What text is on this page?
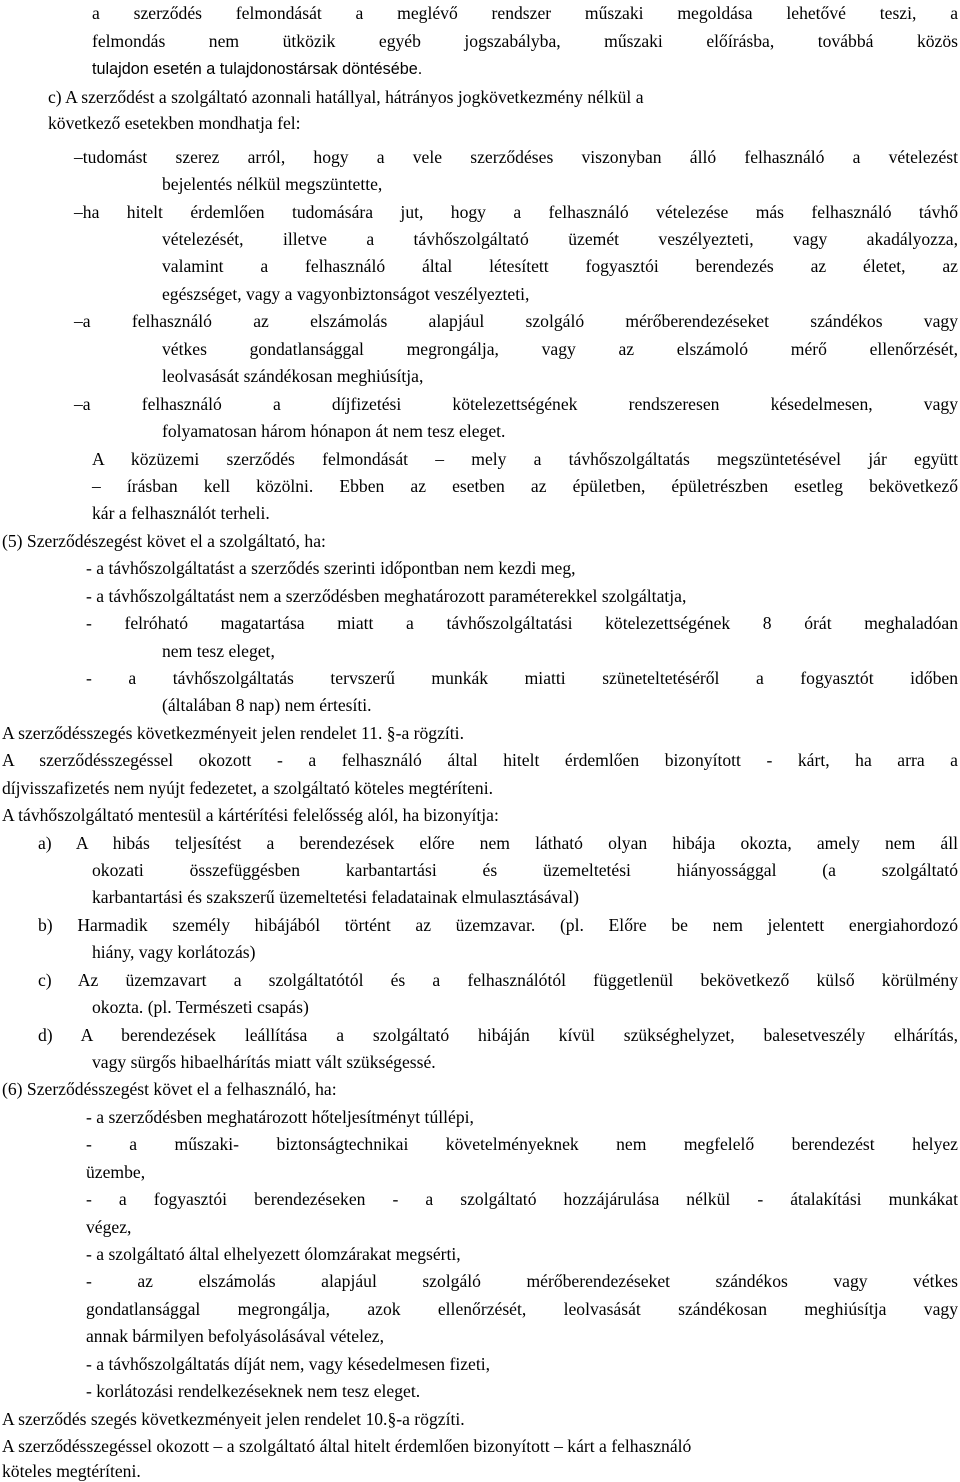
a szerződés felmondását a meglévő rendszer műszaki megoldása lehetővé teszi, a
felmondás nem ütközik egyéb jogszabályba, műszaki előírásba, továbbá közös
tulajdon esetén a tulajdonostársak döntésébe.
c) A szerződést a szolgáltató azonnali hatállyal, hátrányos jogkövetkezmény nélkül a
következő esetekben mondhatja fel:
–tudomást szerez arról, hogy a vele szerződéses viszonyban álló felhasználó a vételezést
bejelentés nélkül megszüntette,
–ha hitelt érdemlően tudomására jut, hogy a felhasználó vételezése más felhasználó távhő
vételezését, illetve a távhőszolgáltató üzemét veszélyezteti, vagy akadályozza,
valamint a felhasználó által létesített fogyasztói berendezés az életet, az
egészséget, vagy a vagyonbiztonságot veszélyezteti,
–a felhasználó az elszámolás alapjául szolgáló mérőberendezéseket szándékos vagy
vétkes gondatlansággal megrongálja, vagy az elszámoló mérő ellenőrzését,
leolvasását szándékosan meghiúsítja,
–a felhasználó a díjfizetési kötelezettségének rendszeresen késedelmesen, vagy
folyamatosan három hónapon át nem tesz eleget.
A közüzemi szerződés felmondását – mely a távhőszolgáltatás megszüntetésével jár együtt
– írásban kell közölni. Ebben az esetben az épületben, épületrészben esetleg bekövetkező
kár a felhasználót terheli.
(5) Szerződészegést követ el a szolgáltató, ha:
- a távhőszolgáltatást a szerződés szerinti időpontban nem kezdi meg,
- a távhőszolgáltatást nem a szerződésben meghatározott paraméterekkel szolgáltatja,
- felróható magatartása miatt a távhőszolgáltatási kötelezettségének 8 órát meghaladóan
nem tesz eleget,
- a távhőszolgáltatás tervszerű munkák miatti szüneteltetéséről a fogyasztót időben
(általában 8 nap) nem értesíti.
A szerződésszegés következményeit jelen rendelet 11. §-a rögzíti.
A szerződésszegéssel okozott - a felhasználó által hitelt érdemlően bizonyított - kárt, ha arra a
díjvisszafizetés nem nyújt fedezetet, a szolgáltató köteles megtéríteni.
A távhőszolgáltató mentesül a kártérítési felelősség alól, ha bizonyítja:
a) A hibás teljesítést a berendezések előre nem látható olyan hibája okozta, amely nem áll
okozati összefüggésben karbantartási és üzemeltetési hiányossággal (a szolgáltató
karbantartási és szakszerű üzemeltetési feladatainak elmulasztásával)
b) Harmadik személy hibájából történt az üzemzavar. (pl. Előre be nem jelentett energiahordozó
hiány, vagy korlátozás)
c) Az üzemzavart a szolgáltatótól és a felhasználótól függetlenül bekövetkező külső körülmény
okozta. (pl. Természeti csapás)
d) A berendezések leállítása a szolgáltató hibáján kívül szükséghelyzet, balesetveszély elhárítás,
vagy sürgős hibaelhárítás miatt vált szükségessé.
(6) Szerződésszegést követ el a felhasználó, ha:
- a szerződésben meghatározott hőteljesítményt túllépi,
- a műszaki- biztonságtechnikai követelményeknek nem megfelelő berendezést helyez
üzembe,
- a fogyasztói berendezéseken - a szolgáltató hozzájárulása nélkül - átalakítási munkákat
végez,
- a szolgáltató által elhelyezett ólomzárakat megsérti,
- az elszámolás alapjául szolgáló mérőberendezéseket szándékos vagy vétkes
gondatlansággal megrongálja, azok ellenőrzését, leolvasását szándékosan meghiúsítja vagy
annak bármilyen befolyásolásával vételez,
- a távhőszolgáltatás díját nem, vagy késedelmesen fizeti,
- korlátozási rendelkezéseknek nem tesz eleget.
A szerződés szegés következményeit jelen rendelet 10.§-a rögzíti.
A szerződésszegéssel okozott – a szolgáltató által hitelt érdemlően bizonyított – kárt a felhasználó
köteles megtéríteni.
